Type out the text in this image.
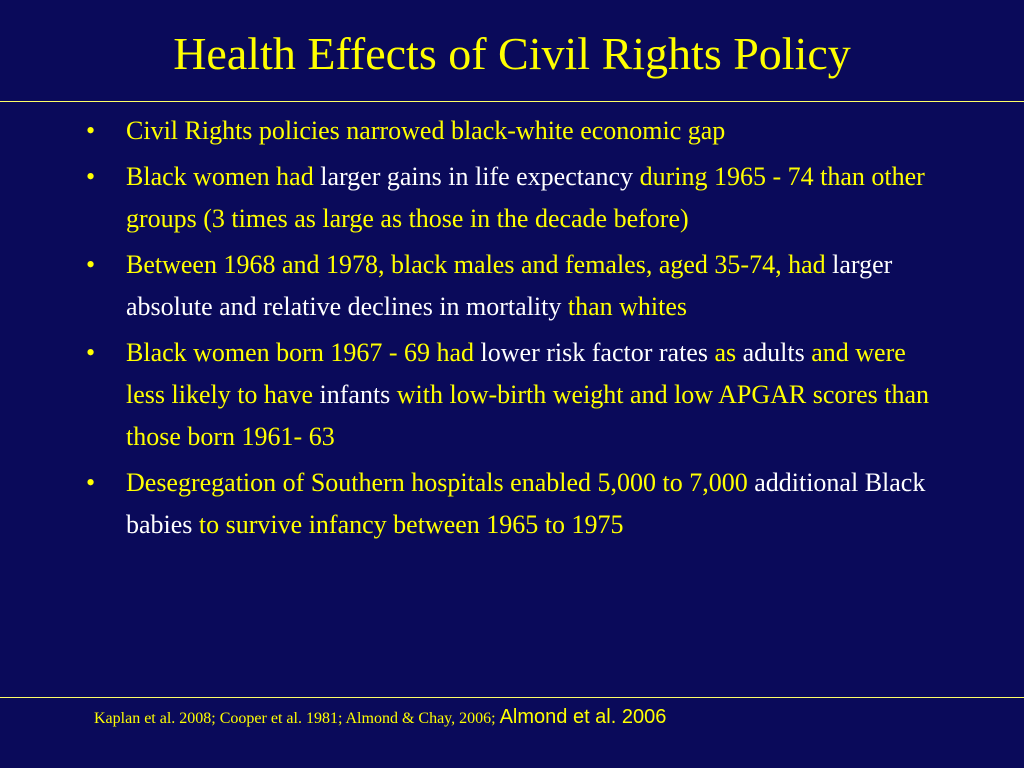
Health Effects of Civil Rights Policy
• Civil Rights policies narrowed black-white economic gap
• Black women had larger gains in life expectancy during 1965 - 74 than other groups (3 times as large as those in the decade before)
• Between 1968 and 1978, black males and females, aged 35-74, had larger absolute and relative declines in mortality than whites
• Black women born 1967 - 69 had lower risk factor rates as adults and were less likely to have infants with low-birth weight and low APGAR scores than those born 1961- 63
• Desegregation of Southern hospitals enabled 5,000 to 7,000 additional Black babies to survive infancy between 1965 to 1975
Kaplan et al. 2008; Cooper et al. 1981; Almond & Chay, 2006; Almond et al. 2006
